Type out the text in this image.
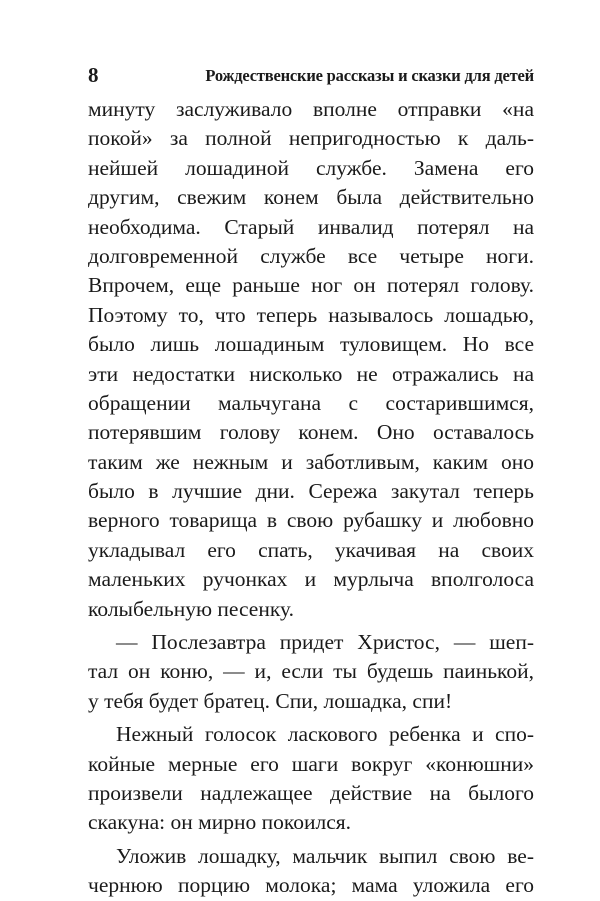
8	Рождественские рассказы и сказки для детей
минуту заслуживало вполне отправки «на
покой» за полной непригодностью к даль-
нейшей лошадиной службе. Замена его
другим, свежим конем была действительно
необходима. Старый инвалид потерял на
долговременной службе все четыре ноги.
Впрочем, еще раньше ног он потерял голову.
Поэтому то, что теперь называлось лошадью,
было лишь лошадиным туловищем. Но все
эти недостатки нисколько не отражались на
обращении мальчугана с состарившимся,
потерявшим голову конем. Оно оставалось
таким же нежным и заботливым, каким оно
было в лучшие дни. Сережа закутал теперь
верного товарища в свою рубашку и любовно
укладывал его спать, укачивая на своих
маленьких ручонках и мурлыча вполголоса
колыбельную песенку.
— Послезавтра придет Христос, — шеп-
тал он коню, — и, если ты будешь паинькой,
у тебя будет братец. Спи, лошадка, спи!
Нежный голосок ласкового ребенка и спо-
койные мерные его шаги вокруг «конюшни»
произвели надлежащее действие на былого
скакуна: он мирно покоился.
Уложив лошадку, мальчик выпил свою ве-
чернюю порцию молока; мама уложила его
